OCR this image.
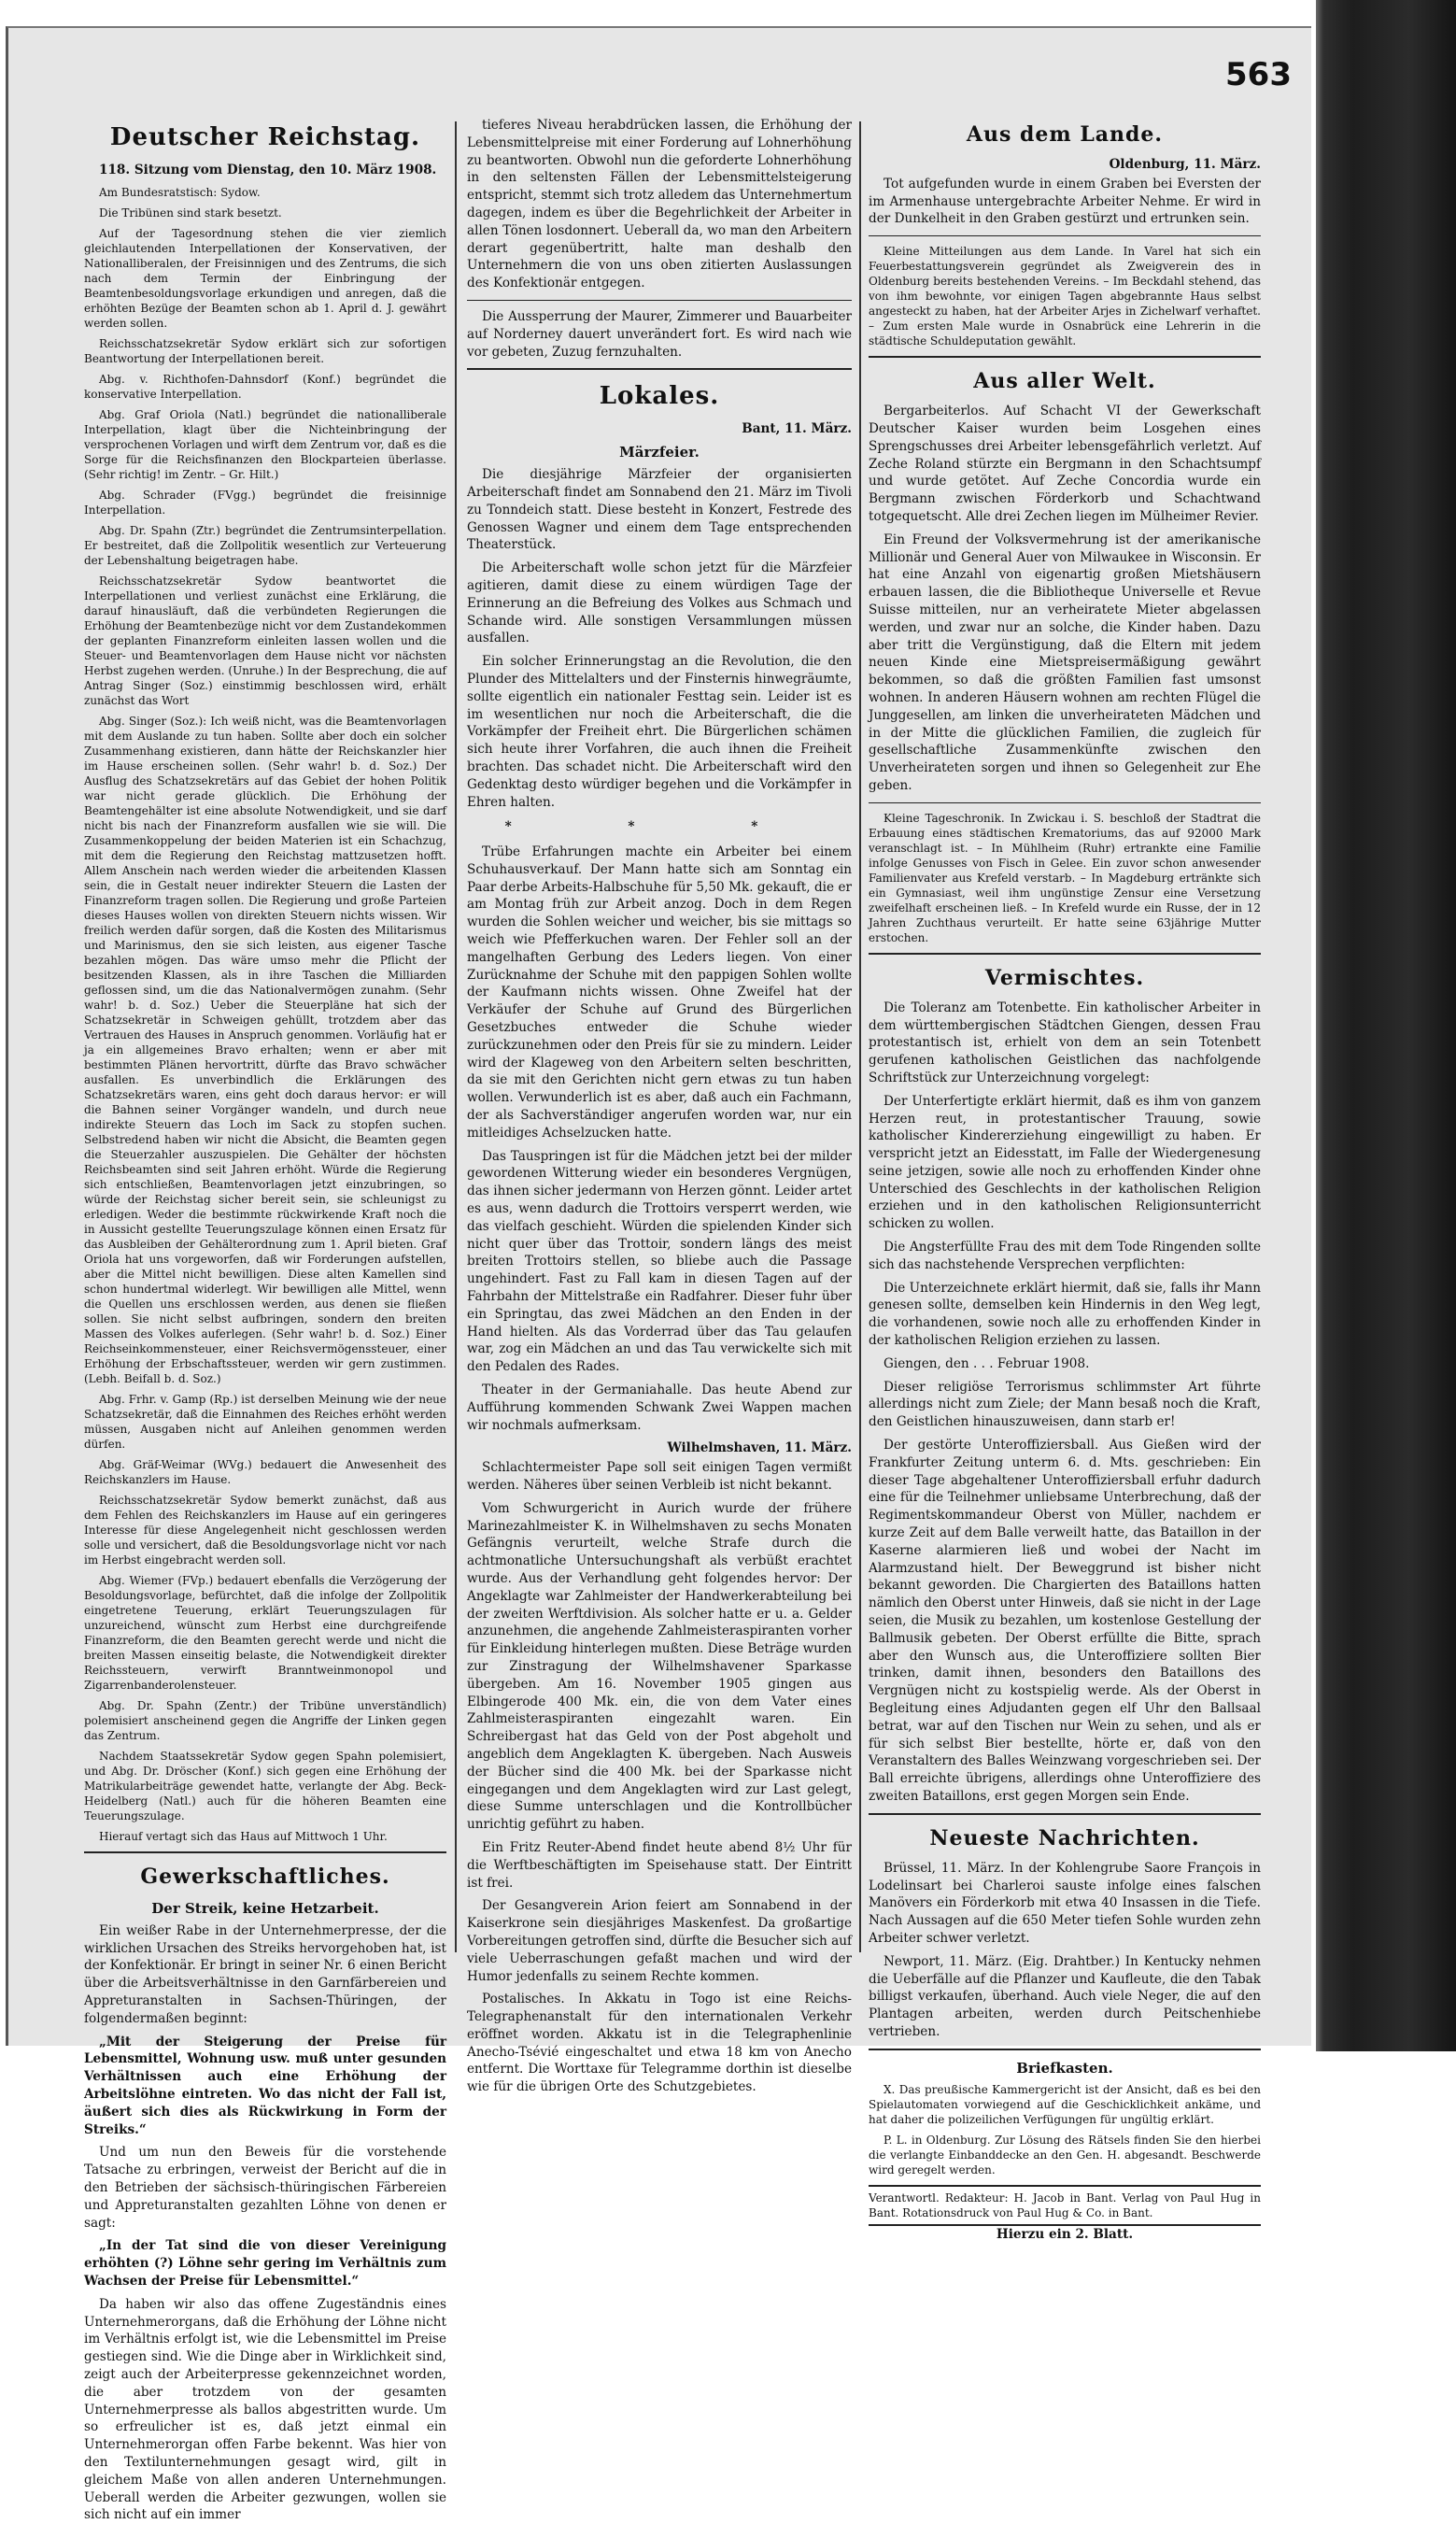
563
Deutscher Reichstag.

118. Sitzung vom Dienstag, den 10. März 1908.

Am Bundesratstisch: Sydow.

Die Tribünen sind stark besetzt.

Auf der Tagesordnung stehen die vier ziemlich gleichlautenden Interpellationen der Konservativen, der Nationalliberalen, der Freisinnigen und des Zentrums, die sich nach dem Termin der Einbringung der Beamtenbesoldungsvorlage erkundigen und anregen, daß die erhöhten Bezüge der Beamten schon ab 1. April d. J. gewährt werden sollen.

Reichsschatzsekretär Sydow erklärt sich zur sofortigen Beantwortung der Interpellationen bereit.

Abg. v. Richthofen-Dahnsdorf (Konf.) begründet die konservative Interpellation.

Abg. Graf Oriola (Natl.) begründet die nationalliberale Interpellation, klagt über die Nichteinbringung der versprochenen Vorlagen und wirft dem Zentrum vor, daß es die Sorge für die Reichsfinanzen den Blockparteien überlasse. (Sehr richtig! im Zentr. – Gr. Hilt.)

Abg. Schrader (FVgg.) begründet die freisinnige Interpellation.

Abg. Dr. Spahn (Ztr.) begründet die Zentrumsinterpellation. Er bestreitet, daß die Zollpolitik wesentlich zur Verteuerung der Lebenshaltung beigetragen habe.

Reichsschatzsekretär Sydow beantwortet die Interpellationen und verliest zunächst eine Erklärung, die darauf hinausläuft, daß die verbündeten Regierungen die Erhöhung der Beamtenbezüge nicht vor dem Zustandekommen der geplanten Finanzreform einleiten lassen wollen und die Steuer- und Beamtenvorlagen dem Hause nicht vor nächsten Herbst zugehen werden. (Unruhe.) In der Besprechung, die auf Antrag Singer (Soz.) einstimmig beschlossen wird, erhält zunächst das Wort

Abg. Singer (Soz.): Ich weiß nicht, was die Beamtenvorlagen mit dem Auslande zu tun haben. Sollte aber doch ein solcher Zusammenhang existieren, dann hätte der Reichskanzler hier im Hause erscheinen sollen. (Sehr wahr! b. d. Soz.) Der Ausflug des Schatzsekretärs auf das Gebiet der hohen Politik war nicht gerade glücklich. Die Erhöhung der Beamtengehälter ist eine absolute Notwendigkeit, und sie darf nicht bis nach der Finanzreform ausfallen wie sie will. Die Zusammenkoppelung der beiden Materien ist ein Schachzug, mit dem die Regierung den Reichstag mattzusetzen hofft. Allem Anschein nach werden wieder die arbeitenden Klassen sein, die in Gestalt neuer indirekter Steuern die Lasten der Finanzreform tragen sollen. Die Regierung und große Parteien dieses Hauses wollen von direkten Steuern nichts wissen. Wir freilich werden dafür sorgen, daß die Kosten des Militarismus und Marinismus, den sie sich leisten, aus eigener Tasche bezahlen mögen. Das wäre umso mehr die Pflicht der besitzenden Klassen, als in ihre Taschen die Milliarden geflossen sind, um die das Nationalvermögen zunahm. (Sehr wahr! b. d. Soz.) Ueber die Steuerpläne hat sich der Schatzsekretär in Schweigen gehüllt, trotzdem aber das Vertrauen des Hauses in Anspruch genommen. Vorläufig hat er ja ein allgemeines Bravo erhalten; wenn er aber mit bestimmten Plänen hervortritt, dürfte das Bravo schwächer ausfallen. Es unverbindlich die Erklärungen des Schatzsekretärs waren, eins geht doch daraus hervor: er will die Bahnen seiner Vorgänger wandeln, und durch neue indirekte Steuern das Loch im Sack zu stopfen suchen. Selbstredend haben wir nicht die Absicht, die Beamten gegen die Steuerzahler auszuspielen. Die Gehälter der höchsten Reichsbeamten sind seit Jahren erhöht. Würde die Regierung sich entschließen, Beamtenvorlagen jetzt einzubringen, so würde der Reichstag sicher bereit sein, sie schleunigst zu erledigen. Weder die bestimmte rückwirkende Kraft noch die in Aussicht gestellte Teuerungszulage können einen Ersatz für das Ausbleiben der Gehälterordnung zum 1. April bieten. Graf Oriola hat uns vorgeworfen, daß wir Forderungen aufstellen, aber die Mittel nicht bewilligen. Diese alten Kamellen sind schon hundertmal widerlegt. Wir bewilligen alle Mittel, wenn die Quellen uns erschlossen werden, aus denen sie fließen sollen. Sie nicht selbst aufbringen, sondern den breiten Massen des Volkes auferlegen. (Sehr wahr! b. d. Soz.) Einer Reichseinkommensteuer, einer Reichsvermögenssteuer, einer Erhöhung der Erbschaftssteuer, werden wir gern zustimmen. (Lebh. Beifall b. d. Soz.)

Abg. Frhr. v. Gamp (Rp.) ist derselben Meinung wie der neue Schatzsekretär, daß die Einnahmen des Reiches erhöht werden müssen, Ausgaben nicht auf Anleihen genommen werden dürfen.

Abg. Gräf-Weimar (WVg.) bedauert die Anwesenheit des Reichskanzlers im Hause.

Reichsschatzsekretär Sydow bemerkt zunächst, daß aus dem Fehlen des Reichskanzlers im Hause auf ein geringeres Interesse für diese Angelegenheit nicht geschlossen werden solle und versichert, daß die Besoldungsvorlage nicht vor nach im Herbst eingebracht werden soll.

Abg. Wiemer (FVp.) bedauert ebenfalls die Verzögerung der Besoldungsvorlage, befürchtet, daß die infolge der Zollpolitik eingetretene Teuerung, erklärt Teuerungszulagen für unzureichend, wünscht zum Herbst eine durchgreifende Finanzreform, die den Beamten gerecht werde und nicht die breiten Massen einseitig belaste, die Notwendigkeit direkter Reichssteuern, verwirft Branntweinmonopol und Zigarrenbanderolensteuer.

Abg. Dr. Spahn (Zentr.) der Tribüne unverständlich) polemisiert anscheinend gegen die Angriffe der Linken gegen das Zentrum.

Nachdem Staatssekretär Sydow gegen Spahn polemisiert, und Abg. Dr. Dröscher (Konf.) sich gegen eine Erhöhung der Matrikularbeiträge gewendet hatte, verlangte der Abg. Beck-Heidelberg (Natl.) auch für die höheren Beamten eine Teuerungszulage.

Hierauf vertagt sich das Haus auf Mittwoch 1 Uhr.

Gewerkschaftliches.
Der Streik, keine Hetzarbeit.

Ein weißer Rabe in der Unternehmerpresse, der die wirklichen Ursachen des Streiks hervorgehoben hat, ist der Konfektionär. Er bringt in seiner Nr. 6 einen Bericht über die Arbeitsverhältnisse in den Garnfärbereien und Appreturanstalten in Sachsen-Thüringen, der folgendermaßen beginnt:

„Mit der Steigerung der Preise für Lebensmittel, Wohnung usw. muß unter gesunden Verhältnissen auch eine Erhöhung der Arbeitslöhne eintreten. Wo das nicht der Fall ist, äußert sich dies als Rückwirkung in Form der Streiks.“

Und um nun den Beweis für die vorstehende Tatsache zu erbringen, verweist der Bericht auf die in den Betrieben der sächsisch-thüringischen Färbereien und Appreturanstalten gezahlten Löhne von denen er sagt:

„In der Tat sind die von dieser Vereinigung erhöhten (?) Löhne sehr gering im Verhältnis zum Wachsen der Preise für Lebensmittel.“

Da haben wir also das offene Zugeständnis eines Unternehmerorgans, daß die Erhöhung der Löhne nicht im Verhältnis erfolgt ist, wie die Lebensmittel im Preise gestiegen sind. Wie die Dinge aber in Wirklichkeit sind, zeigt auch der Arbeiterpresse gekennzeichnet worden, die aber trotzdem von der gesamten Unternehmerpresse als ballos abgestritten wurde. Um so erfreulicher ist es, daß jetzt einmal ein Unternehmerorgan offen Farbe bekennt. Was hier von den Textilunternehmungen gesagt wird, gilt in gleichem Maße von allen anderen Unternehmungen. Ueberall werden die Arbeiter gezwungen, wollen sie sich nicht auf ein immer

tieferes Niveau herabdrücken lassen, die Erhöhung der Lebensmittelpreise mit einer Forderung auf Lohnerhöhung zu beantworten. Obwohl nun die geforderte Lohnerhöhung in den seltensten Fällen der Lebensmittelsteigerung entspricht, stemmt sich trotz alledem das Unternehmertum dagegen, indem es über die Begehrlichkeit der Arbeiter in allen Tönen losdonnert. Ueberall da, wo man den Arbeitern derart gegenübertritt, halte man deshalb den Unternehmern die von uns oben zitierten Auslassungen des Konfektionär entgegen.

Die Aussperrung der Maurer, Zimmerer und Bauarbeiter auf Norderney dauert unverändert fort. Es wird nach wie vor gebeten, Zuzug fernzuhalten.

Lokales.
Bant, 11. März.
Märzfeier.

Die diesjährige Märzfeier der organisierten Arbeiterschaft findet am Sonnabend den 21. März im Tivoli zu Tonndeich statt. Diese besteht in Konzert, Festrede des Genossen Wagner und einem dem Tage entsprechenden Theaterstück.

Die Arbeiterschaft wolle schon jetzt für die Märzfeier agitieren, damit diese zu einem würdigen Tage der Erinnerung an die Befreiung des Volkes aus Schmach und Schande wird. Alle sonstigen Versammlungen müssen ausfallen.

Ein solcher Erinnerungstag an die Revolution, die den Plunder des Mittelalters und der Finsternis hinwegräumte, sollte eigentlich ein nationaler Festtag sein. Leider ist es im wesentlichen nur noch die Arbeiterschaft, die die Vorkämpfer der Freiheit ehrt. Die Bürgerlichen schämen sich heute ihrer Vorfahren, die auch ihnen die Freiheit brachten. Das schadet nicht. Die Arbeiterschaft wird den Gedenktag desto würdiger begehen und die Vorkämpfer in Ehren halten.

* * *

Trübe Erfahrungen machte ein Arbeiter bei einem Schuhausverkauf. Der Mann hatte sich am Sonntag ein Paar derbe Arbeits-Halbschuhe für 5,50 Mk. gekauft, die er am Montag früh zur Arbeit anzog. Doch in dem Regen wurden die Sohlen weicher und weicher, bis sie mittags so weich wie Pfefferkuchen waren. Der Fehler soll an der mangelhaften Gerbung des Leders liegen. Von einer Zurücknahme der Schuhe mit den pappigen Sohlen wollte der Kaufmann nichts wissen. Ohne Zweifel hat der Verkäufer der Schuhe auf Grund des Bürgerlichen Gesetzbuches entweder die Schuhe wieder zurückzunehmen oder den Preis für sie zu mindern. Leider wird der Klageweg von den Arbeitern selten beschritten, da sie mit den Gerichten nicht gern etwas zu tun haben wollen. Verwunderlich ist es aber, daß auch ein Fachmann, der als Sachverständiger angerufen worden war, nur ein mitleidiges Achselzucken hatte.

Das Tauspringen ist für die Mädchen jetzt bei der milder gewordenen Witterung wieder ein besonderes Vergnügen, das ihnen sicher jedermann von Herzen gönnt. Leider artet es aus, wenn dadurch die Trottoirs versperrt werden, wie das vielfach geschieht. Würden die spielenden Kinder sich nicht quer über das Trottoir, sondern längs des meist breiten Trottoirs stellen, so bliebe auch die Passage ungehindert. Fast zu Fall kam in diesen Tagen auf der Fahrbahn der Mittelstraße ein Radfahrer. Dieser fuhr über ein Springtau, das zwei Mädchen an den Enden in der Hand hielten. Als das Vorderrad über das Tau gelaufen war, zog ein Mädchen an und das Tau verwickelte sich mit den Pedalen des Rades.

Theater in der Germaniahalle. Das heute Abend zur Aufführung kommenden Schwank Zwei Wappen machen wir nochmals aufmerksam.

Wilhelmshaven, 11. März.

Schlachtermeister Pape soll seit einigen Tagen vermißt werden. Näheres über seinen Verbleib ist nicht bekannt.

Vom Schwurgericht in Aurich wurde der frühere Marinezahlmeister K. in Wilhelmshaven zu sechs Monaten Gefängnis verurteilt, welche Strafe durch die achtmonatliche Untersuchungshaft als verbüßt erachtet wurde. Aus der Verhandlung geht folgendes hervor: Der Angeklagte war Zahlmeister der Handwerkerabteilung bei der zweiten Werftdivision. Als solcher hatte er u. a. Gelder anzunehmen, die angehende Zahlmeisteraspiranten vorher für Einkleidung hinterlegen mußten. Diese Beträge wurden zur Zinstragung der Wilhelmshavener Sparkasse übergeben. Am 16. November 1905 gingen aus Elbingerode 400 Mk. ein, die von dem Vater eines Zahlmeisteraspiranten eingezahlt waren. Ein Schreibergast hat das Geld von der Post abgeholt und angeblich dem Angeklagten K. übergeben. Nach Ausweis der Bücher sind die 400 Mk. bei der Sparkasse nicht eingegangen und dem Angeklagten wird zur Last gelegt, diese Summe unterschlagen und die Kontrollbücher unrichtig geführt zu haben.

Ein Fritz Reuter-Abend findet heute abend 8½ Uhr für die Werftbeschäftigten im Speisehause statt. Der Eintritt ist frei.

Der Gesangverein Arion feiert am Sonnabend in der Kaiserkrone sein diesjähriges Maskenfest. Da großartige Vorbereitungen getroffen sind, dürfte die Besucher sich auf viele Ueberraschungen gefaßt machen und wird der Humor jedenfalls zu seinem Rechte kommen.

Postalisches. In Akkatu in Togo ist eine Reichs-Telegraphenanstalt für den internationalen Verkehr eröffnet worden. Akkatu ist in die Telegraphenlinie Anecho-Tsévié eingeschaltet und etwa 18 km von Anecho entfernt. Die Worttaxe für Telegramme dorthin ist dieselbe wie für die übrigen Orte des Schutzgebietes.

Aus dem Lande.
Oldenburg, 11. März.

Tot aufgefunden wurde in einem Graben bei Eversten der im Armenhause untergebrachte Arbeiter Nehme. Er wird in der Dunkelheit in den Graben gestürzt und ertrunken sein.

Kleine Mitteilungen aus dem Lande. In Varel hat sich ein Feuerbestattungsverein gegründet als Zweigverein des in Oldenburg bereits bestehenden Vereins. – Im Beckdahl stehend, das von ihm bewohnte, vor einigen Tagen abgebrannte Haus selbst angesteckt zu haben, hat der Arbeiter Arjes in Zichelwarf verhaftet. – Zum ersten Male wurde in Osnabrück eine Lehrerin in die städtische Schuldeputation gewählt.

Aus aller Welt.

Bergarbeiterlos. Auf Schacht VI der Gewerkschaft Deutscher Kaiser wurden beim Losgehen eines Sprengschusses drei Arbeiter lebensgefährlich verletzt. Auf Zeche Roland stürzte ein Bergmann in den Schachtsumpf und wurde getötet. Auf Zeche Concordia wurde ein Bergmann zwischen Förderkorb und Schachtwand totgequetscht. Alle drei Zechen liegen im Mülheimer Revier.

Ein Freund der Volksvermehrung ist der amerikanische Millionär und General Auer von Milwaukee in Wisconsin. Er hat eine Anzahl von eigenartig großen Mietshäusern erbauen lassen, die die Bibliotheque Universelle et Revue Suisse mitteilen, nur an verheiratete Mieter abgelassen werden, und zwar nur an solche, die Kinder haben. Dazu aber tritt die Vergünstigung, daß die Eltern mit jedem neuen Kinde eine Mietspreisermäßigung gewährt bekommen, so daß die größten Familien fast umsonst wohnen. In anderen Häusern wohnen am rechten Flügel die Junggesellen, am linken die unverheirateten Mädchen und in der Mitte die glücklichen Familien, die zugleich für gesellschaftliche Zusammenkünfte zwischen den Unverheirateten sorgen und ihnen so Gelegenheit zur Ehe geben.

Kleine Tageschronik. In Zwickau i. S. beschloß der Stadtrat die Erbauung eines städtischen Krematoriums, das auf 92000 Mark veranschlagt ist. – In Mühlheim (Ruhr) ertrankte eine Familie infolge Genusses von Fisch in Gelee. Ein zuvor schon anwesender Familienvater aus Krefeld verstarb. – In Magdeburg ertränkte sich ein Gymnasiast, weil ihm ungünstige Zensur eine Versetzung zweifelhaft erscheinen ließ. – In Krefeld wurde ein Russe, der in 12 Jahren Zuchthaus verurteilt. Er hatte seine 63jährige Mutter erstochen.

Vermischtes.

Die Toleranz am Totenbette. Ein katholischer Arbeiter in dem württembergischen Städtchen Giengen, dessen Frau protestantisch ist, erhielt von dem an sein Totenbett gerufenen katholischen Geistlichen das nachfolgende Schriftstück zur Unterzeichnung vorgelegt:

Der Unterfertigte erklärt hiermit, daß es ihm von ganzem Herzen reut, in protestantischer Trauung, sowie katholischer Kindererziehung eingewilligt zu haben. Er verspricht jetzt an Eidesstatt, im Falle der Wiedergenesung seine jetzigen, sowie alle noch zu erhoffenden Kinder ohne Unterschied des Geschlechts in der katholischen Religion erziehen und in den katholischen Religionsunterricht schicken zu wollen.

Die Angsterfüllte Frau des mit dem Tode Ringenden sollte sich das nachstehende Versprechen verpflichten:

Die Unterzeichnete erklärt hiermit, daß sie, falls ihr Mann genesen sollte, demselben kein Hindernis in den Weg legt, die vorhandenen, sowie noch alle zu erhoffenden Kinder in der katholischen Religion erziehen zu lassen.

Giengen, den . . . Februar 1908.

Dieser religiöse Terrorismus schlimmster Art führte allerdings nicht zum Ziele; der Mann besaß noch die Kraft, den Geistlichen hinauszuweisen, dann starb er!

Der gestörte Unteroffiziersball. Aus Gießen wird der Frankfurter Zeitung unterm 6. d. Mts. geschrieben: Ein dieser Tage abgehaltener Unteroffiziersball erfuhr dadurch eine für die Teilnehmer unliebsame Unterbrechung, daß der Regimentskommandeur Oberst von Müller, nachdem er kurze Zeit auf dem Balle verweilt hatte, das Bataillon in der Kaserne alarmieren ließ und wobei der Nacht im Alarmzustand hielt. Der Beweggrund ist bisher nicht bekannt geworden. Die Chargierten des Bataillons hatten nämlich den Oberst unter Hinweis, daß sie nicht in der Lage seien, die Musik zu bezahlen, um kostenlose Gestellung der Ballmusik gebeten. Der Oberst erfüllte die Bitte, sprach aber den Wunsch aus, die Unteroffiziere sollten Bier trinken, damit ihnen, besonders den Bataillons des Vergnügen nicht zu kostspielig werde. Als der Oberst in Begleitung eines Adjudanten gegen elf Uhr den Ballsaal betrat, war auf den Tischen nur Wein zu sehen, und als er für sich selbst Bier bestellte, hörte er, daß von den Veranstaltern des Balles Weinzwang vorgeschrieben sei. Der Ball erreichte übrigens, allerdings ohne Unteroffiziere des zweiten Bataillons, erst gegen Morgen sein Ende.

Neueste Nachrichten.

Brüssel, 11. März. In der Kohlengrube Saore François in Lodelinsart bei Charleroi sauste infolge eines falschen Manövers ein Förderkorb mit etwa 40 Insassen in die Tiefe. Nach Aussagen auf die 650 Meter tiefen Sohle wurden zehn Arbeiter schwer verletzt.

Newport, 11. März. (Eig. Drahtber.) In Kentucky nehmen die Ueberfälle auf die Pflanzer und Kaufleute, die den Tabak billigst verkaufen, überhand. Auch viele Neger, die auf den Plantagen arbeiten, werden durch Peitschenhiebe vertrieben.

Briefkasten.

X. Das preußische Kammergericht ist der Ansicht, daß es bei den Spielautomaten vorwiegend auf die Geschicklichkeit ankäme, und hat daher die polizeilichen Verfügungen für ungültig erklärt.

P. L. in Oldenburg. Zur Lösung des Rätsels finden Sie den hierbei die verlangte Einbanddecke an den Gen. H. abgesandt. Beschwerde wird geregelt werden.

Verantwortl. Redakteur: H. Jacob in Bant. Verlag von Paul Hug in Bant. Rotationsdruck von Paul Hug & Co. in Bant.
Hierzu ein 2. Blatt.
